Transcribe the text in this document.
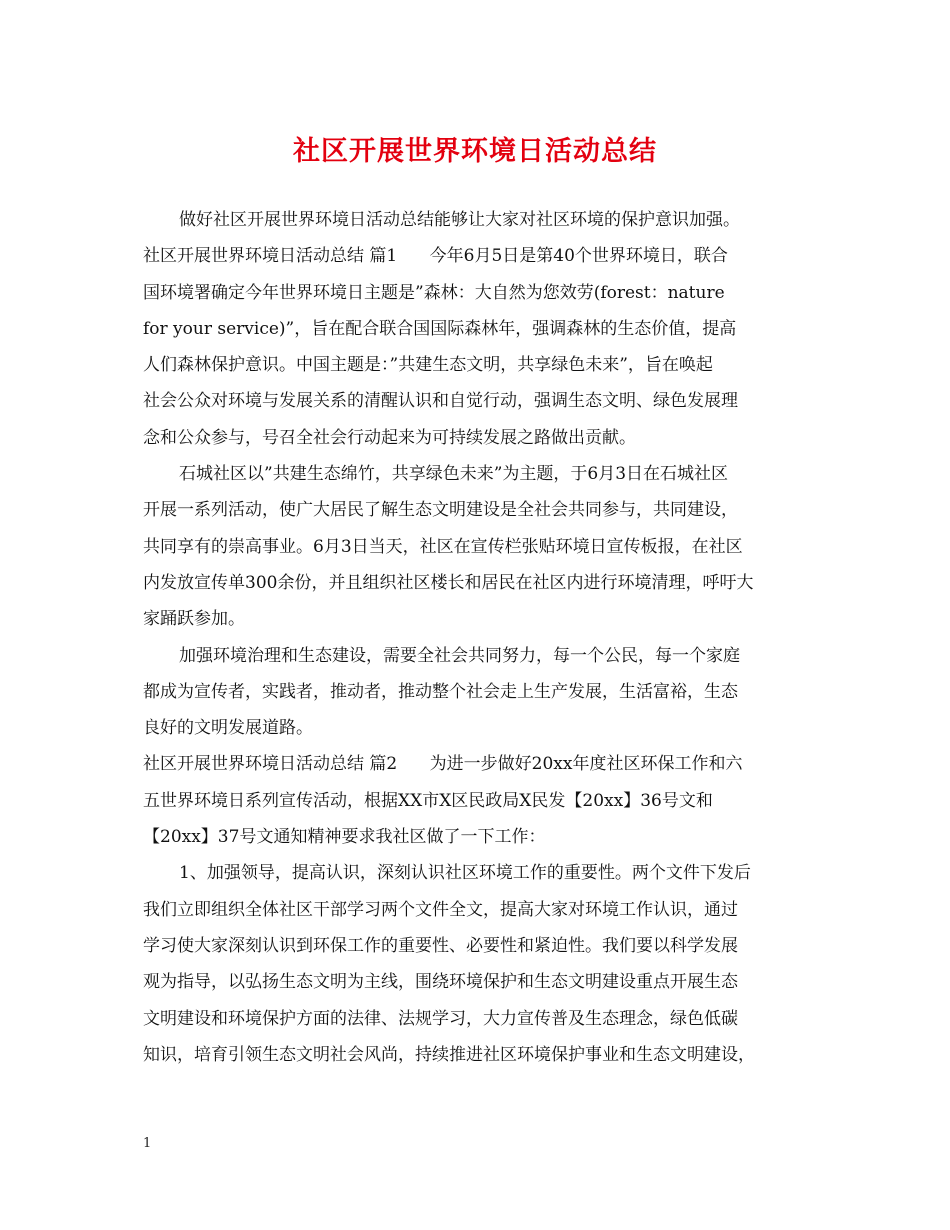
社区开展世界环境日活动总结
做好社区开展世界环境日活动总结能够让大家对社区环境的保护意识加强。
社区开展世界环境日活动总结 篇1      今年6月5日是第40个世界环境日，联合
国环境署确定今年世界环境日主题是”森林：大自然为您效劳(forest：nature
for your service)”，旨在配合联合国国际森林年，强调森林的生态价值，提高
人们森林保护意识。中国主题是：”共建生态文明，共享绿色未来”，旨在唤起
社会公众对环境与发展关系的清醒认识和自觉行动，强调生态文明、绿色发展理
念和公众参与，号召全社会行动起来为可持续发展之路做出贡献。
石城社区以”共建生态绵竹，共享绿色未来”为主题，于6月3日在石城社区
开展一系列活动，使广大居民了解生态文明建设是全社会共同参与，共同建设，
共同享有的崇高事业。6月3日当天，社区在宣传栏张贴环境日宣传板报，在社区
内发放宣传单300余份，并且组织社区楼长和居民在社区内进行环境清理，呼吁大
家踊跃参加。
加强环境治理和生态建设，需要全社会共同努力，每一个公民，每一个家庭
都成为宣传者，实践者，推动者，推动整个社会走上生产发展，生活富裕，生态
良好的文明发展道路。
社区开展世界环境日活动总结 篇2      为进一步做好20xx年度社区环保工作和六
五世界环境日系列宣传活动，根据XX市X区民政局X民发【20xx】36号文和
【20xx】37号文通知精神要求我社区做了一下工作：
1、加强领导，提高认识，深刻认识社区环境工作的重要性。两个文件下发后
我们立即组织全体社区干部学习两个文件全文，提高大家对环境工作认识，通过
学习使大家深刻认识到环保工作的重要性、必要性和紧迫性。我们要以科学发展
观为指导，以弘扬生态文明为主线，围绕环境保护和生态文明建设重点开展生态
文明建设和环境保护方面的法律、法规学习，大力宣传普及生态理念，绿色低碳
知识，培育引领生态文明社会风尚，持续推进社区环境保护事业和生态文明建设，
1
